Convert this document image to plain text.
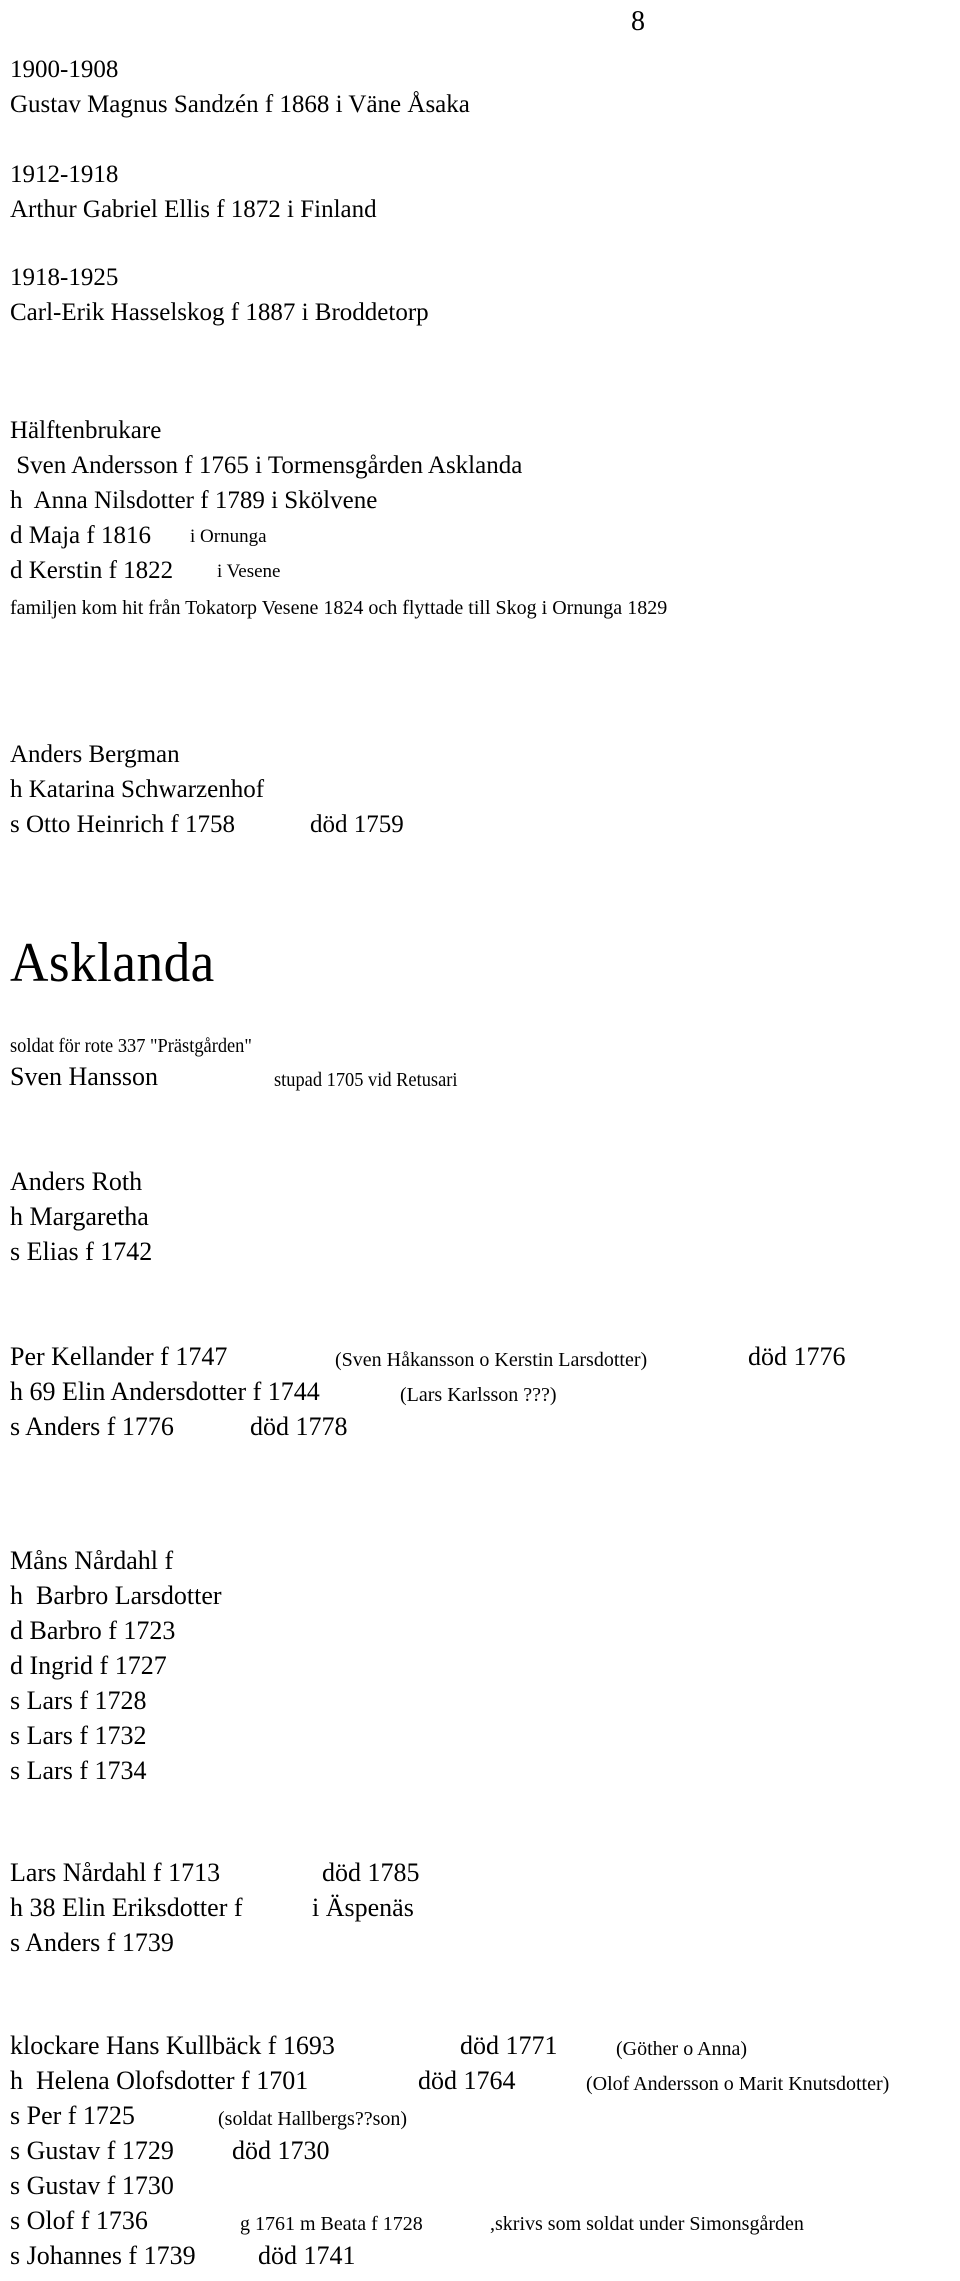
8
1900-1908
Gustav Magnus Sandzén f 1868 i Väne Åsaka
1912-1918
Arthur Gabriel Ellis f 1872 i Finland
1918-1925
Carl-Erik Hasselskog f 1887 i Broddetorp
Hälftenbrukare
Sven Andersson f 1765 i Tormensgården Asklanda
h  Anna Nilsdotter f 1789 i Skölvene
d Maja f 1816 i Ornunga
d Kerstin f 1822 i Vesene
familjen kom hit från Tokatorp Vesene 1824 och flyttade till Skog i Ornunga 1829
Anders Bergman
h Katarina Schwarzenhof
s Otto Heinrich f 1758	död 1759
Asklanda
soldat för rote 337 "Prästgården"
Sven Hansson	stupad 1705 vid Retusari
Anders Roth
h Margaretha
s Elias f 1742
Per Kellander f 1747	(Sven Håkansson o Kerstin Larsdotter)	död 1776
h 69 Elin Andersdotter f 1744	(Lars Karlsson ???)
s Anders f 1776	död 1778
Måns Nårdahl f
h  Barbro Larsdotter
d Barbro f 1723
d Ingrid f 1727
s Lars f 1728
s Lars f 1732
s Lars f 1734
Lars Nårdahl f 1713	död 1785
h 38 Elin Eriksdotter f	i Äspenäs
s Anders f 1739
klockare Hans Kullbäck f 1693	död 1771	(Göther o Anna)
h  Helena Olofsdotter f 1701	död 1764	(Olof Andersson o Marit Knutsdotter)
s Per f 1725	(soldat Hallbergs??son)
s Gustav f 1729 död 1730
s Gustav f 1730
s Olof f 1736	g 1761 m Beata f 1728	,skrivs som soldat under Simonsgården
s Johannes f 1739 död 1741
